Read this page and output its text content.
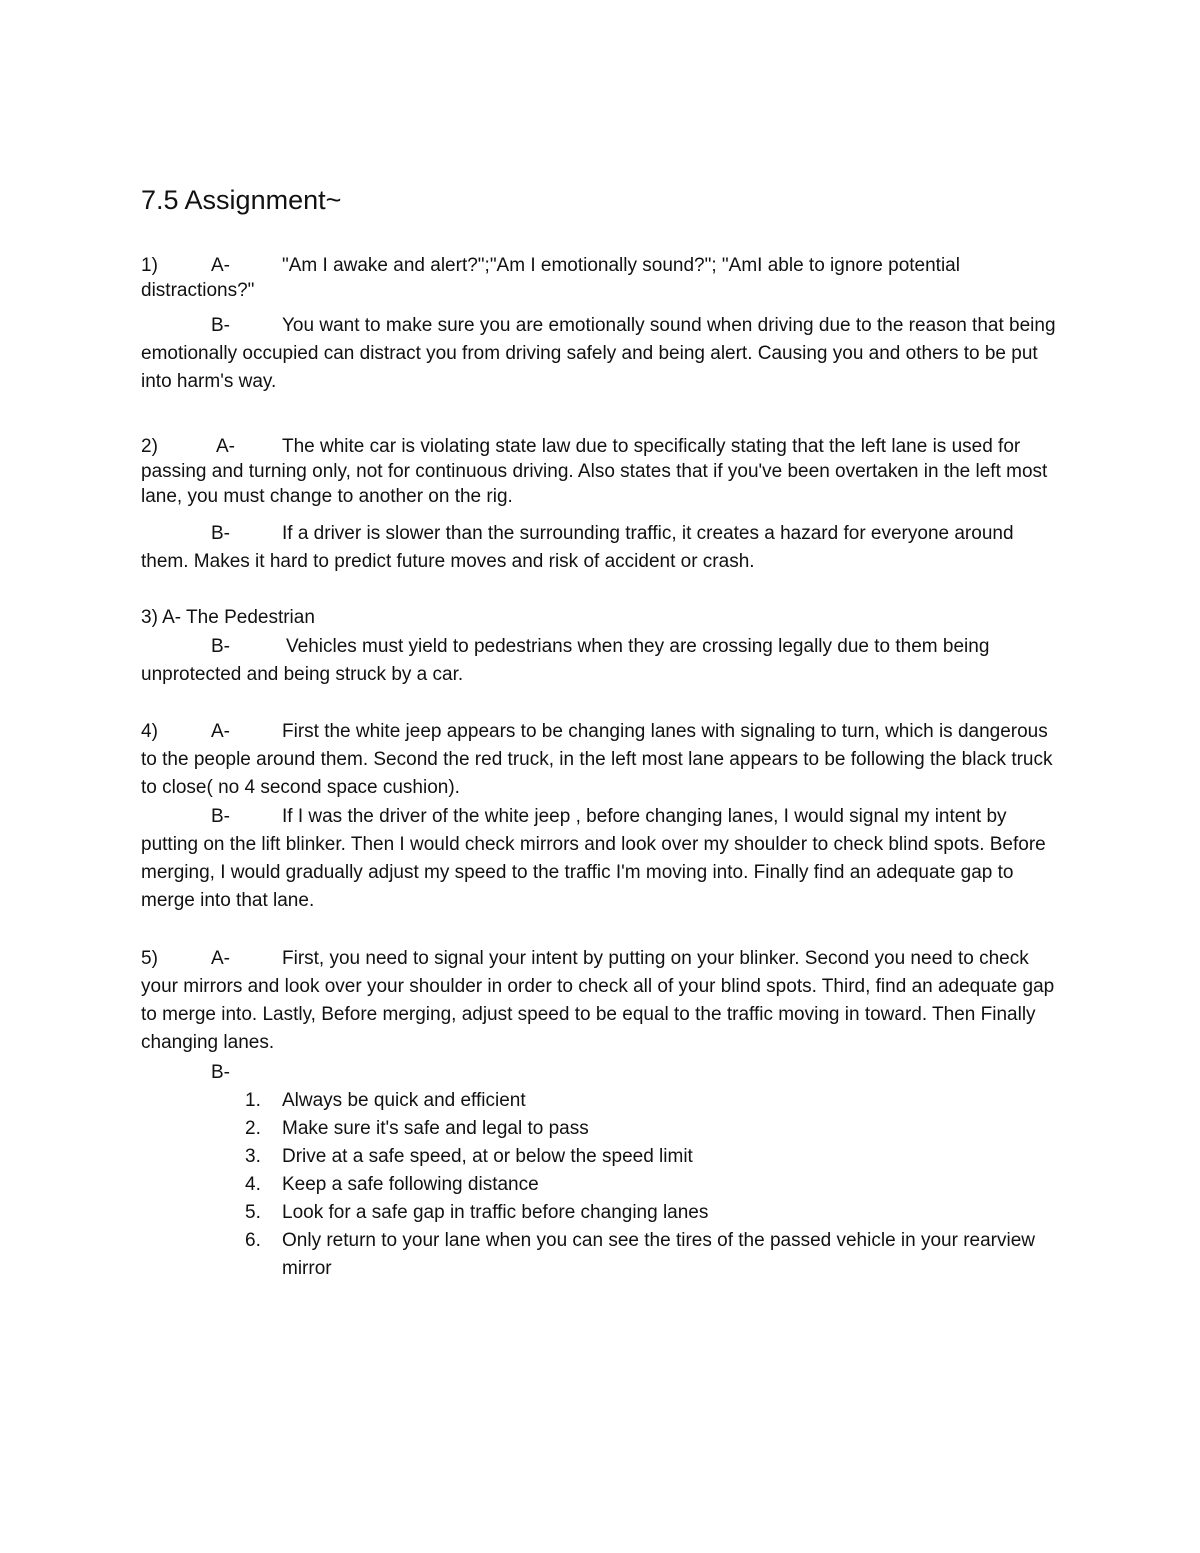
7.5 Assignment~
1)	A-	"Am I awake and alert?";"Am I emotionally sound?"; "AmI able to ignore potential distractions?"
B-	You want to make sure you are emotionally sound when driving due to the reason that being emotionally occupied can distract you from driving safely and being alert. Causing you and others to be put into harm's way.
2)	A- The white car is violating state law due to specifically stating that the left lane is used for passing and turning only, not for continuous driving. Also states that if you've been overtaken in the left most lane, you must change to another on the rig.
B-	If a driver is slower than the surrounding traffic, it creates a hazard for everyone around them. Makes it hard to predict future moves and risk of accident or crash.
3) A- The Pedestrian
B-	Vehicles must yield to pedestrians when they are crossing legally due to them being unprotected and being struck by a car.
4)	A-	First the white jeep appears to be changing lanes with signaling to turn, which is dangerous to the people around them. Second the red truck, in the left most lane appears to be following the black truck to close( no 4 second space cushion).
B-	If I was the driver of the white jeep , before changing lanes, I would signal my intent by putting on the lift blinker. Then I would check mirrors and look over my shoulder to check blind spots. Before merging, I would gradually adjust my speed to the traffic I'm moving into. Finally find an adequate gap to merge into that lane.
5)	A-	First, you need to signal your intent by putting on your blinker. Second you need to check your mirrors and look over your shoulder in order to check all of your blind spots. Third, find an adequate gap to merge into. Lastly, Before merging, adjust speed to be equal to the traffic moving in toward. Then Finally changing lanes.
B-
1.	Always be quick and efficient
2.	Make sure it's safe and legal to pass
3.	Drive at a safe speed, at or below the speed limit
4.	Keep a safe following distance
5.	Look for a safe gap in traffic before changing lanes
6.	Only return to your lane when you can see the tires of the passed vehicle in your rearview mirror
